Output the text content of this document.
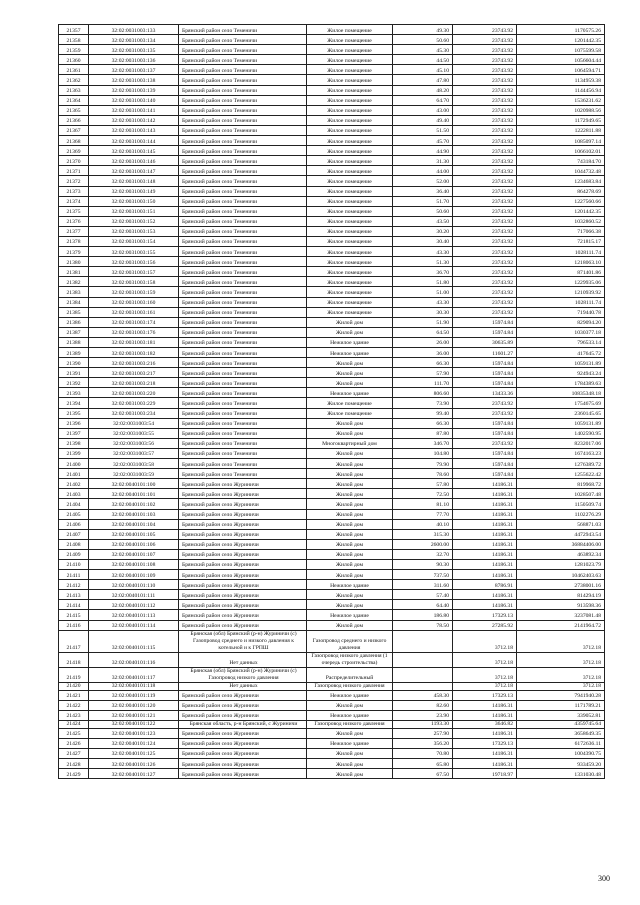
21357	32:02:0031003:133	Брянский район село Теменичи	Жилое помещение	49.30	23743.92	1170575.26
21358	32:02:0031003:134	Брянский район село Теменичи	Жилое помещение	50.60	23743.92	1201442.35
21359	32:02:0031003:135	Брянский район село Теменичи	Жилое помещение	45.30	23743.92	1075599.58
21360	32:02:0031003:136	Брянский район село Теменичи	Жилое помещение	44.50	23743.92	1056604.44
21361	32:02:0031003:137	Брянский район село Теменичи	Жилое помещение	45.10	23743.92	1064594.71
21362	32:02:0031003:138	Брянский район село Теменичи	Жилое помещение	47.80	23743.92	1134959.38
21363	32:02:0031003:139	Брянский район село Теменичи	Жилое помещение	48.20	23743.92	1144456.94
21364	32:02:0031003:140	Брянский район село Теменичи	Жилое помещение	64.70	23743.92	1536231.62
21365	32:02:0031003:141	Брянский район село Теменичи	Жилое помещение	43.00	23743.92	1020988.56
21366	32:02:0031003:142	Брянский район село Теменичи	Жилое помещение	49.40	23743.92	1172949.65
21367	32:02:0031003:143	Брянский район село Теменичи	Жилое помещение	51.50	23743.92	1222811.88
21368	32:02:0031003:144	Брянский район село Теменичи	Жилое помещение	45.70	23743.92	1085097.14
21369	32:02:0031003:145	Брянский район село Теменичи	Жилое помещение	44.90	23743.92	1066102.01
21370	32:02:0031003:146	Брянский район село Теменичи	Жилое помещение	31.30	23743.92	743184.70
21371	32:02:0031003:147	Брянский район село Теменичи	Жилое помещение	44.00	23743.92	1044732.48
21372	32:02:0031003:148	Брянский район село Теменичи	Жилое помещение	52.00	23743.92	1234683.84
21373	32:02:0031003:149	Брянский район село Теменичи	Жилое помещение	36.40	23743.92	864278.69
21374	32:02:0031003:150	Брянский район село Теменичи	Жилое помещение	51.70	23743.92	1227560.66
21375	32:02:0031003:151	Брянский район село Теменичи	Жилое помещение	50.60	23743.92	1201442.35
21376	32:02:0031003:152	Брянский район село Теменичи	Жилое помещение	43.50	23743.92	1032860.52
21377	32:02:0031003:153	Брянский район село Теменичи	Жилое помещение	30.20	23743.92	717066.38
21378	32:02:0031003:154	Брянский район село Теменичи	Жилое помещение	30.40	23743.92	721815.17
21379	32:02:0031003:155	Брянский район село Теменичи	Жилое помещение	43.30	23743.92	1028111.74
21380	32:02:0031003:156	Брянский район село Теменичи	Жилое помещение	51.30	23743.92	1218063.10
21381	32:02:0031003:157	Брянский район село Теменичи	Жилое помещение	36.70	23743.92	871401.86
21382	32:02:0031003:158	Брянский район село Теменичи	Жилое помещение	51.80	23743.92	1229935.06
21383	32:02:0031003:159	Брянский район село Теменичи	Жилое помещение	51.00	23743.92	1210939.92
21384	32:02:0031003:160	Брянский район село Теменичи	Жилое помещение	43.30	23743.92	1028111.74
21385	32:02:0031003:161	Брянский район село Теменичи	Жилое помещение	30.30	23743.92	719440.78
21386	32:02:0031003:174	Брянский район село Теменичи	Жилой дом	51.90	15974.84	829094.20
21387	32:02:0031003:176	Брянский район село Теменичи	Жилой дом	64.50	15974.84	1030377.18
21388	32:02:0031003:181	Брянский район село Теменичи	Нежилое здание	26.00	30635.89	796533.14
21389	32:02:0031003:182	Брянский район село Теменичи	Нежилое здание	36.00	11601.27	417645.72
21390	32:02:0031003:216	Брянский район село Теменичи	Жилой дом	66.30	15974.84	1059131.89
21391	32:02:0031003:217	Брянский район село Теменичи	Жилой дом	57.90	15974.84	924943.24
21392	32:02:0031003:218	Брянский район село Теменичи	Жилой дом	111.70	15974.84	1784389.63
21393	32:02:0031003:220	Брянский район село Теменичи	Нежилое здание	806.60	13433.36	10835348.18
21394	32:02:0031003:229	Брянский район село Теменичи	Жилое помещение	73.90	23743.92	1754675.69
21395	32:02:0031003:234	Брянский район село Теменичи	Жилое помещение	99.40	23743.92	2360145.65
21396	32:02:0031003:54	Брянский район село Теменичи	Жилой дом	66.30	15974.84	1059131.89
21397	32:02:0031003:55	Брянский район село Теменичи	Жилой дом	87.80	15974.84	1402590.95
21398	32:02:0031003:56	Брянский район село Теменичи	Многоквартирный дом	346.70	23743.92	8232017.06
21399	32:02:0031003:57	Брянский район село Теменичи	Жилой дом	104.80	15974.84	1674163.23
21400	32:02:0031003:58	Брянский район село Теменичи	Жилой дом	79.90	15974.84	1276389.72
21401	32:02:0031003:59	Брянский район село Теменичи	Жилой дом	78.60	15974.84	1255622.42
21402	32:02:0040101:100	Брянский район село Журиничи	Жилой дом	57.80	14186.31	819968.72
21403	32:02:0040101:101	Брянский район село Журиничи	Жилой дом	72.50	14186.31	1028507.48
21404	32:02:0040101:102	Брянский район село Журиничи	Жилой дом	81.10	14186.31	1150509.74
21405	32:02:0040101:103	Брянский район село Журиничи	Жилой дом	77.70	14186.31	1102276.29
21406	32:02:0040101:104	Брянский район село Журиничи	Жилой дом	40.10	14186.31	568871.03
21407	32:02:0040101:105	Брянский район село Журиничи	Жилой дом	315.30	14186.31	4472943.54
21408	32:02:0040101:106	Брянский район село Журиничи	Жилой дом	2600.00	14186.31	36884406.00
21409	32:02:0040101:107	Брянский район село Журиничи	Жилой дом	32.70	14186.31	463892.34
21410	32:02:0040101:108	Брянский район село Журиничи	Жилой дом	90.30	14186.31	1281023.79
21411	32:02:0040101:109	Брянский район село Журиничи	Жилой дом	737.50	14186.31	10462403.63
21412	32:02:0040101:110	Брянский район село Журиничи	Нежилое здание	311.60	8786.91	2738001.16
21413	32:02:0040101:111	Брянский район село Журиничи	Жилой дом	57.40	14186.31	814294.19
21414	32:02:0040101:112	Брянский район село Журиничи	Жилой дом	64.40	14186.31	913598.36
21415	32:02:0040101:113	Брянский район село Журиничи	Нежилое здание	186.80	17329.13	3237081.48
21416	32:02:0040101:114	Брянский район село Журиничи	Жилой дом	78.50	27285.92	2141964.72
21417	32:02:0040101:115	Брянская (обл) Брянский (р-н) Журиничи (с) Газопровод среднего и низкого давления к котельной и к ГРПШ	Газопровод среднего и низкого давления		3712.18	3712.18
21418	32:02:0040101:116	Нет данных	Газопровод низкого давления (1 очередь строительства)		3712.18	3712.18
21419	32:02:0040101:117	Брянская (обл) Брянский (р-н) Журиничи (с) Газопровод низкого давления	Распределительный		3712.18	3712.18
21420	32:02:0040101:118	Нет данных	Газопровод низкого давления		3712.18	3712.18
21421	32:02:0040101:119	Брянский район село Журиничи	Нежилое здание	458.30	17329.13	7941940.28
21422	32:02:0040101:120	Брянский район село Журиничи	Жилой дом	82.60	14186.31	1171789.21
21423	32:02:0040101:121	Брянский район село Журиничи	Нежилое здание	23.90	14186.31	339052.81
21424	32:02:0040101:122	Брянская область, р-н Брянский, с Журиничи	Газопровод низкого давления	1193.30	3646.82	4359745.64
21425	32:02:0040101:123	Брянский район село Журиничи	Жилой дом	257.90	14186.31	3658649.35
21426	32:02:0040101:124	Брянский район село Журиничи	Нежилое здание	356.20	17329.13	6172636.11
21427	32:02:0040101:125	Брянский район село Журиничи	Жилой дом	70.80	14186.31	1004390.75
21428	32:02:0040101:126	Брянский район село Журиничи	Жилой дом	65.80	14186.31	933459.20
21429	32:02:0040101:127	Брянский район село Журиничи	Жилой дом	67.50	19718.97	1331030.48
300
